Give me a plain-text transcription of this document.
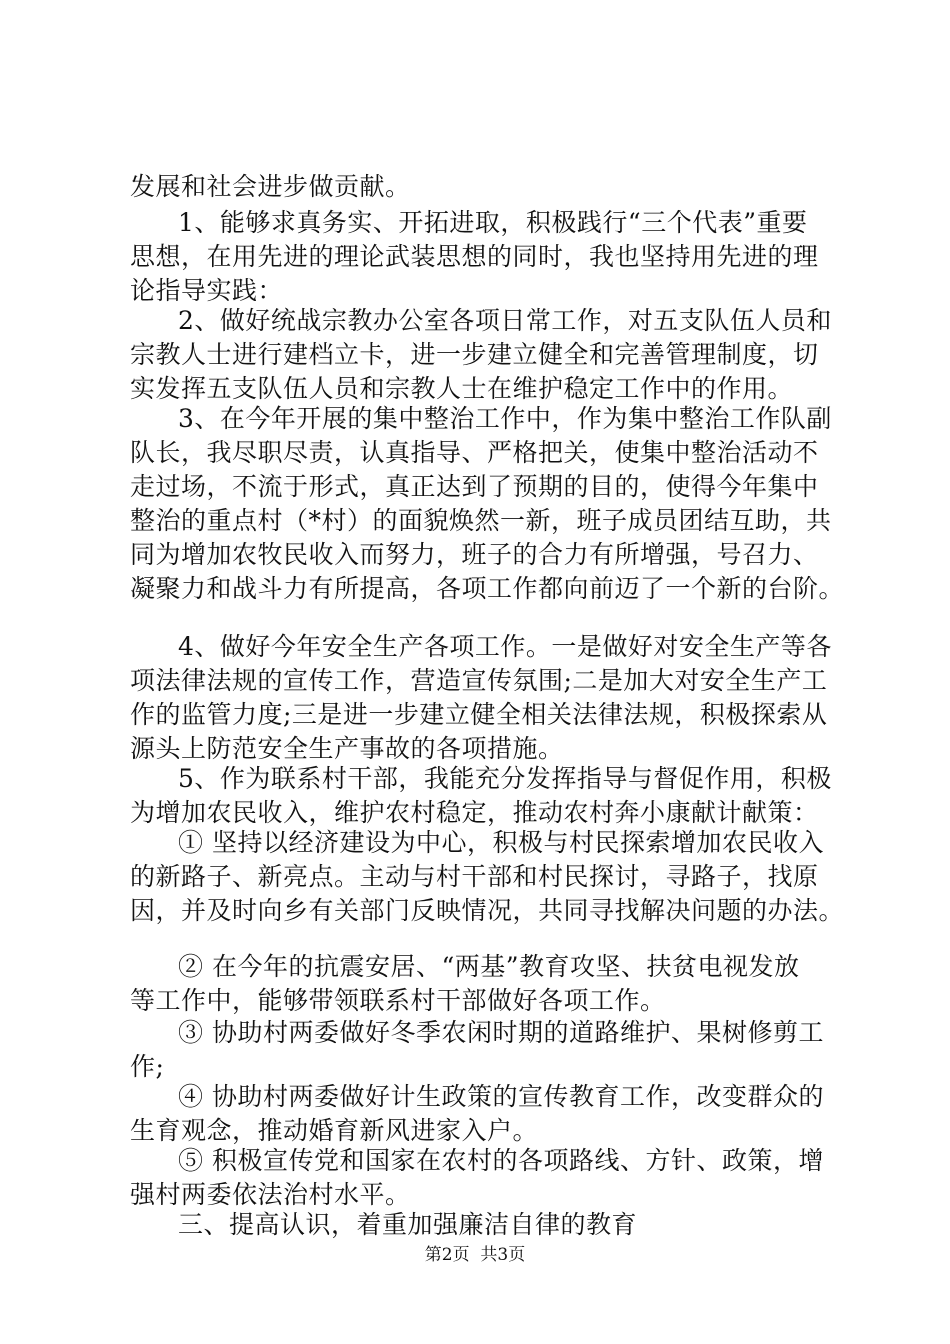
发展和社会进步做贡献。
1、能够求真务实、开拓进取，积极践行“三个代表”重要
思想，在用先进的理论武装思想的同时，我也坚持用先进的理
论指导实践：
2、做好统战宗教办公室各项日常工作，对五支队伍人员和
宗教人士进行建档立卡，进一步建立健全和完善管理制度，切
实发挥五支队伍人员和宗教人士在维护稳定工作中的作用。
3、在今年开展的集中整治工作中，作为集中整治工作队副
队长，我尽职尽责，认真指导、严格把关，使集中整治活动不
走过场，不流于形式，真正达到了预期的目的，使得今年集中
整治的重点村（*村）的面貌焕然一新，班子成员团结互助，共
同为增加农牧民收入而努力，班子的合力有所增强，号召力、
凝聚力和战斗力有所提高，各项工作都向前迈了一个新的台阶。
4、做好今年安全生产各项工作。一是做好对安全生产等各
项法律法规的宣传工作，营造宣传氛围;二是加大对安全生产工
作的监管力度;三是进一步建立健全相关法律法规，积极探索从
源头上防范安全生产事故的各项措施。
5、作为联系村干部，我能充分发挥指导与督促作用，积极
为增加农民收入，维护农村稳定，推动农村奔小康献计献策：
① 坚持以经济建设为中心，积极与村民探索增加农民收入
的新路子、新亮点。主动与村干部和村民探讨，寻路子，找原
因，并及时向乡有关部门反映情况，共同寻找解决问题的办法。
② 在今年的抗震安居、“两基”教育攻坚、扶贫电视发放
等工作中，能够带领联系村干部做好各项工作。
③ 协助村两委做好冬季农闲时期的道路维护、果树修剪工
作;
④ 协助村两委做好计生政策的宣传教育工作，改变群众的
生育观念，推动婚育新风进家入户。
⑤ 积极宣传党和国家在农村的各项路线、方针、政策，增
强村两委依法治村水平。
三、提高认识，着重加强廉洁自律的教育
第2页  共3页
